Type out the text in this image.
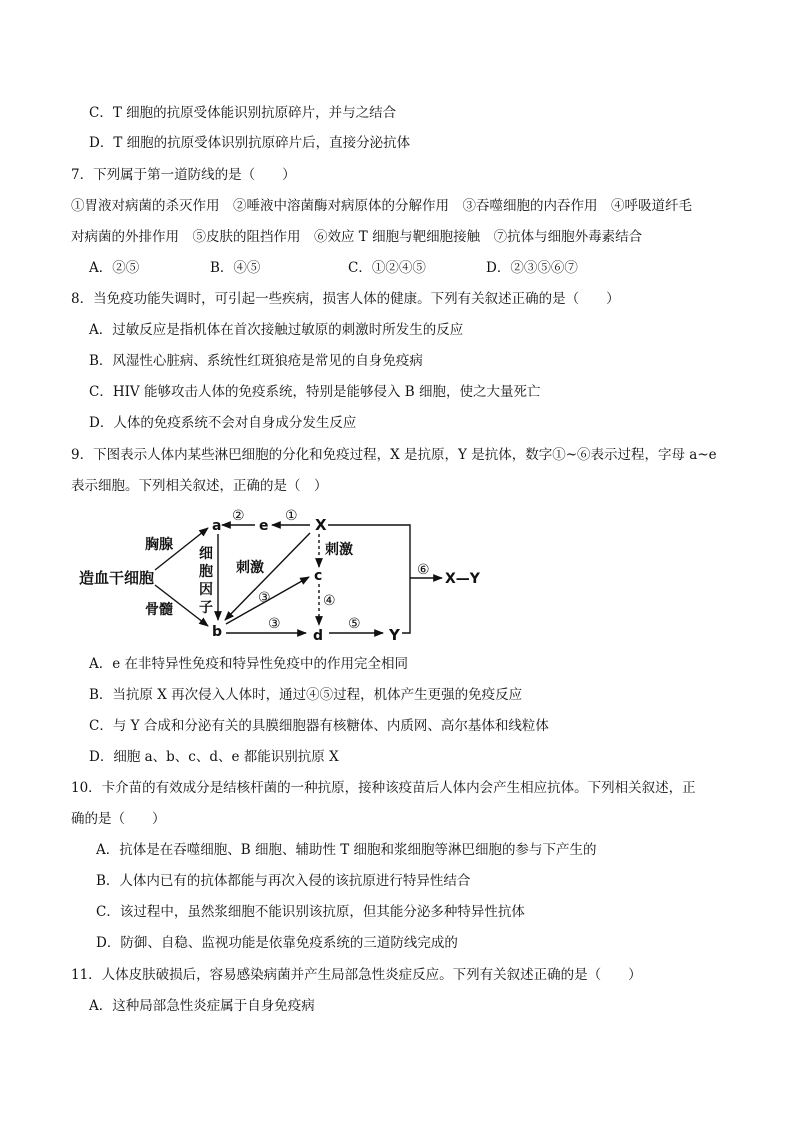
C．T 细胞的抗原受体能识别抗原碎片，并与之结合
D．T 细胞的抗原受体识别抗原碎片后，直接分泌抗体
7．下列属于第一道防线的是（　　）
①胃液对病菌的杀灭作用　②唾液中溶菌酶对病原体的分解作用　③吞噬细胞的内吞作用　④呼吸道纤毛
对病菌的外排作用　⑤皮肤的阻挡作用　⑥效应 T 细胞与靶细胞接触　⑦抗体与细胞外毒素结合
A．②⑤	B．④⑤	C．①②④⑤	D．②③⑤⑥⑦
8．当免疫功能失调时，可引起一些疾病，损害人体的健康。下列有关叙述正确的是（　　）
A．过敏反应是指机体在首次接触过敏原的刺激时所发生的反应
B．风湿性心脏病、系统性红斑狼疮是常见的自身免疫病
C．HIV 能够攻击人体的免疫系统，特别是能够侵入 B 细胞，使之大量死亡
D．人体的免疫系统不会对自身成分发生反应
9．下图表示人体内某些淋巴细胞的分化和免疫过程，X 是抗原，Y 是抗体，数字①~⑥表示过程，字母 a~e
表示细胞。下列相关叙述，正确的是（　）
造血干细胞
胸腺
骨髓
a
b
e	X
c
d	Y
②	①
细
胞
因
子
刺激
③
③
刺激
④
⑤
⑥
X—Y
A．e 在非特异性免疫和特异性免疫中的作用完全相同
B．当抗原 X 再次侵入人体时，通过④⑤过程，机体产生更强的免疫反应
C．与 Y 合成和分泌有关的具膜细胞器有核糖体、内质网、高尔基体和线粒体
D．细胞 a、b、c、d、e 都能识别抗原 X
10．卡介苗的有效成分是结核杆菌的一种抗原，接种该疫苗后人体内会产生相应抗体。下列相关叙述，正
确的是（　　）
A．抗体是在吞噬细胞、B 细胞、辅助性 T 细胞和浆细胞等淋巴细胞的参与下产生的
B．人体内已有的抗体都能与再次入侵的该抗原进行特异性结合
C．该过程中，虽然浆细胞不能识别该抗原，但其能分泌多种特异性抗体
D．防御、自稳、监视功能是依靠免疫系统的三道防线完成的
11．人体皮肤破损后，容易感染病菌并产生局部急性炎症反应。下列有关叙述正确的是（　　）
A．这种局部急性炎症属于自身免疫病
